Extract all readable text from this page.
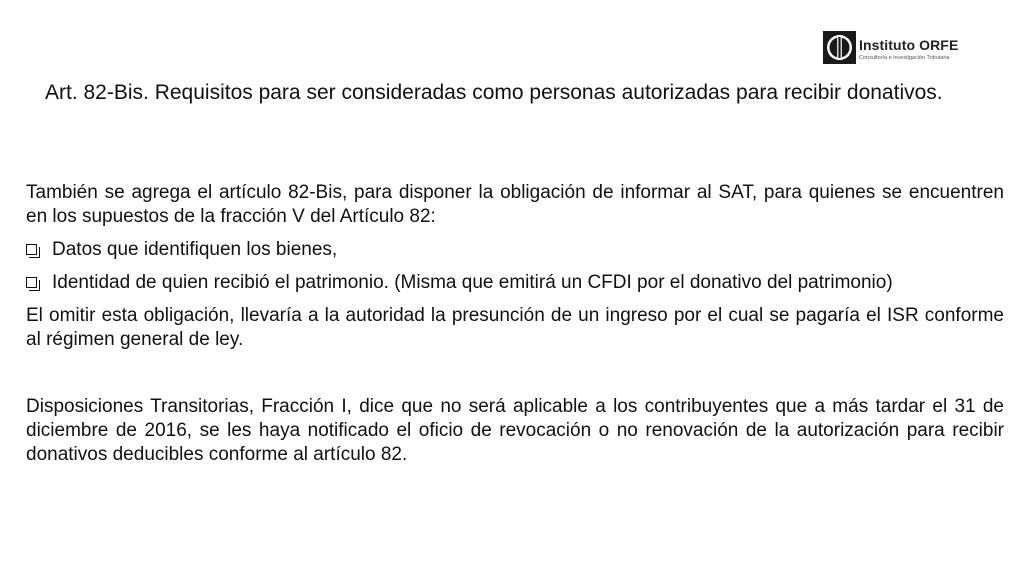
Instituto ORFE
Consultoría e investigación Tributaria
Art. 82-Bis. Requisitos para ser consideradas como personas autorizadas para recibir donativos.

También se agrega el artículo 82-Bis, para disponer la obligación de informar al SAT, para quienes se encuentren en los supuestos de la fracción V del Artículo 82:

Datos que identifiquen los bienes,
Identidad de quien recibió el patrimonio. (Misma que emitirá un CFDI por el donativo del patrimonio)

El omitir esta obligación, llevaría a la autoridad la presunción de un ingreso por el cual se pagaría el ISR conforme al régimen general de ley.

Disposiciones Transitorias, Fracción I, dice que no será aplicable a los contribuyentes que a más tardar el 31 de diciembre de 2016, se les haya notificado el oficio de revocación o no renovación de la autorización para recibir donativos deducibles conforme al artículo 82.
